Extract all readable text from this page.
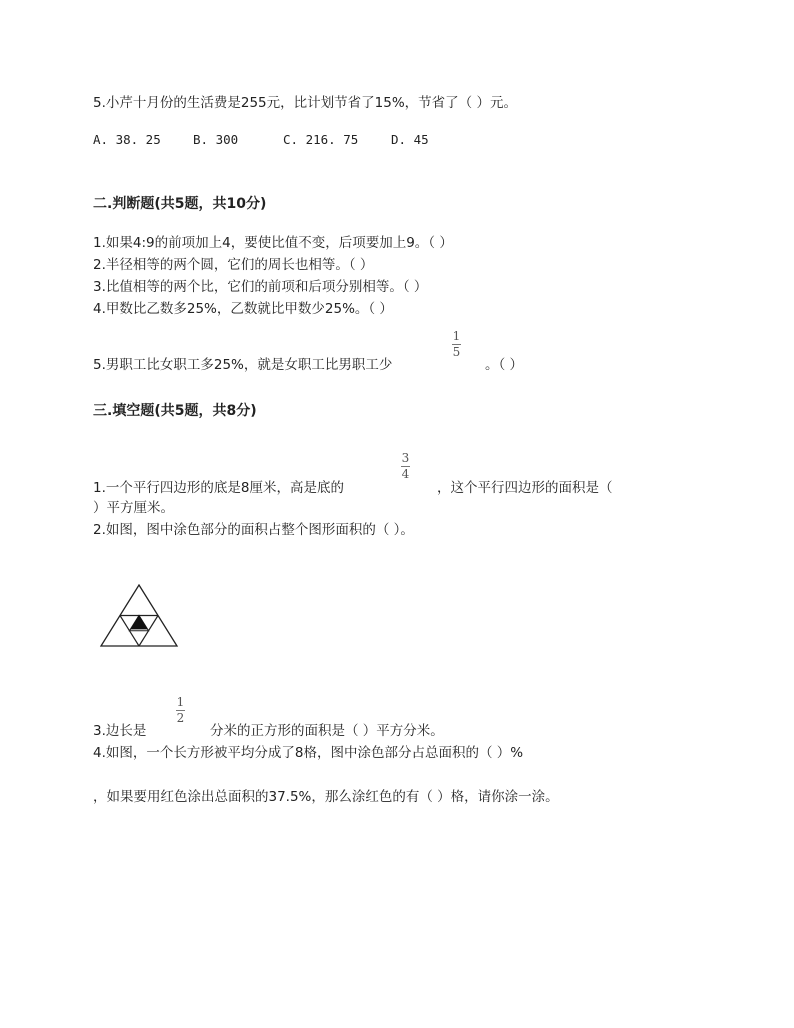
5.小芹十月份的生活费是255元，比计划节省了15%，节省了（ ）元。
A. 38. 25	B. 300	C. 216. 75	D. 45
二.判断题(共5题，共10分)
1.如果4:9的前项加上4，要使比值不变，后项要加上9。（ ）
2.半径相等的两个圆，它们的周长也相等。（ ）
3.比值相等的两个比，它们的前项和后项分别相等。（ ）
4.甲数比乙数多25%，乙数就比甲数少25%。（ ）
5.男职工比女职工多25%，就是女职工比男职工少
1
5
。（ ）
三.填空题(共5题，共8分)
1.一个平行四边形的底是8厘米，高是底的
3
4
，这个平行四边形的面积是（
）平方厘米。
2.如图，图中涂色部分的面积占整个图形面积的（ ）。
3.边长是
1
2
分米的正方形的面积是（ ）平方分米。
4.如图，一个长方形被平均分成了8格，图中涂色部分占总面积的（ ）%
，如果要用红色涂出总面积的37.5%，那么涂红色的有（ ）格，请你涂一涂。
